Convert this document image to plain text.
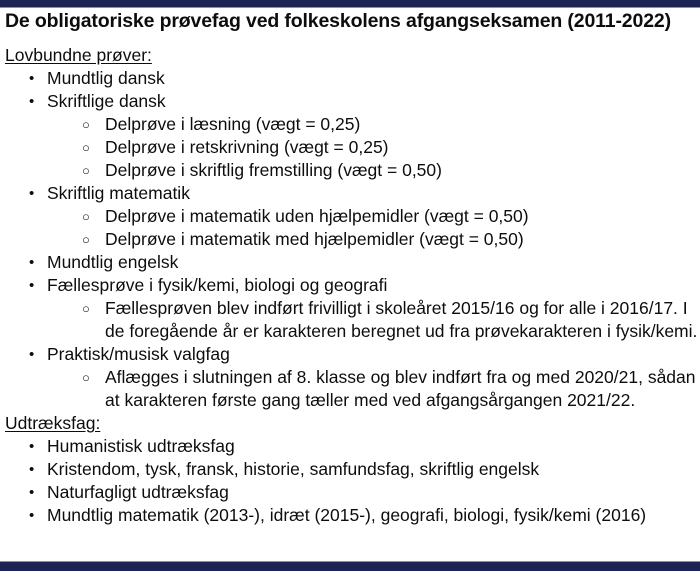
De obligatoriske prøvefag ved folkeskolens afgangseksamen (2011-2022)

Lovbundne prøver:

• Mundtlig dansk
• Skriftlige dansk
○ Delprøve i læsning (vægt = 0,25)
○ Delprøve i retskrivning (vægt = 0,25)
○ Delprøve i skriftlig fremstilling (vægt = 0,50)
• Skriftlig matematik
○ Delprøve i matematik uden hjælpemidler (vægt = 0,50)
○ Delprøve i matematik med hjælpemidler (vægt = 0,50)
• Mundtlig engelsk
• Fællesprøve i fysik/kemi, biologi og geografi
○ Fællesprøven blev indført frivilligt i skoleåret 2015/16 og for alle i 2016/17. I de foregående år er karakteren beregnet ud fra prøvekarakteren i fysik/kemi.
• Praktisk/musisk valgfag
○ Aflægges i slutningen af 8. klasse og blev indført fra og med 2020/21, sådan at karakteren første gang tæller med ved afgangsårgangen 2021/22.

Udtræksfag:

• Humanistisk udtræksfag
• Kristendom, tysk, fransk, historie, samfundsfag, skriftlig engelsk
• Naturfagligt udtræksfag
• Mundtlig matematik (2013-), idræt (2015-), geografi, biologi, fysik/kemi (2016)
